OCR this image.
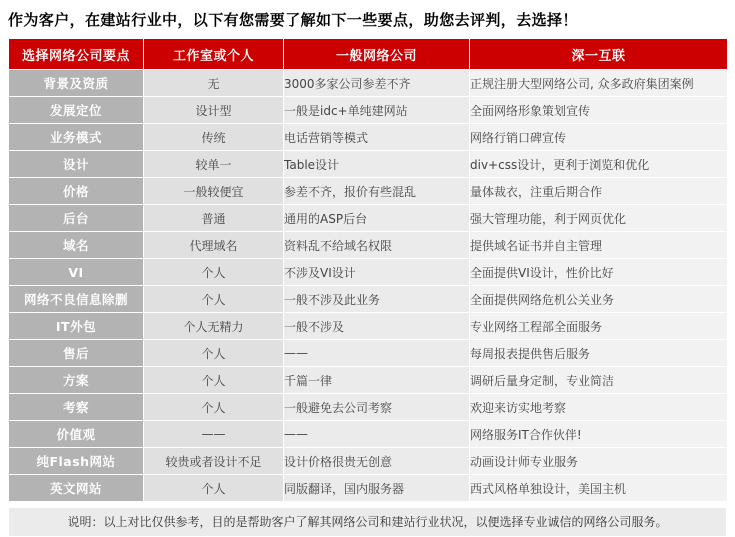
作为客户，在建站行业中，以下有您需要了解如下一些要点，助您去评判，去选择！
选择网络公司要点	工作室或个人	一般网络公司	深一互联
背景及资质	无	3000多家公司参差不齐	正规注册大型网络公司, 众多政府集团案例
发展定位	设计型	一般是idc+单纯建网站	全面网络形象策划宣传
业务模式	传统	电话营销等模式	网络行销口碑宣传
设计	较单一	Table设计	div+css设计，更利于浏览和优化
价格	一般较便宜	参差不齐，报价有些混乱	量体裁衣，注重后期合作
后台	普通	通用的ASP后台	强大管理功能，利于网页优化
域名	代理域名	资料乱不给域名权限	提供域名证书并自主管理
VI	个人	不涉及VI设计	全面提供VI设计，性价比好
网络不良信息除删	个人	一般不涉及此业务	全面提供网络危机公关业务
IT外包	个人无精力	一般不涉及	专业网络工程部全面服务
售后	个人	——	每周报表提供售后服务
方案	个人	千篇一律	调研后量身定制，专业简洁
考察	个人	一般避免去公司考察	欢迎来访实地考察
价值观	——	——	网络服务IT合作伙伴!
纯Flash网站	较贵或者设计不足	设计价格很贵无创意	动画设计师专业服务
英文网站	个人	同版翻译，国内服务器	西式风格单独设计，美国主机
说明：以上对比仅供参考，目的是帮助客户了解其网络公司和建站行业状况，以便选择专业诚信的网络公司服务。
